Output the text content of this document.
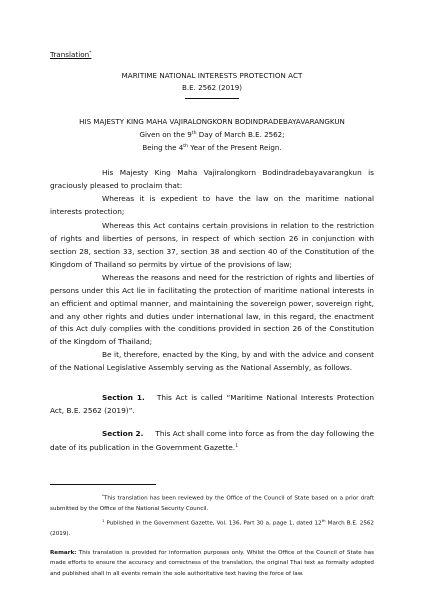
Translation*
MARITIME NATIONAL INTERESTS PROTECTION ACT
B.E. 2562 (2019)
HIS MAJESTY KING MAHA VAJIRALONGKORN BODINDRADEBAYAVARANGKUN
Given on the 9th Day of March B.E. 2562;
Being the 4th Year of the Present Reign.
His Majesty King Maha Vajiralongkorn Bodindradebayavarangkun is graciously pleased to proclaim that:
Whereas it is expedient to have the law on the maritime national interests protection;
Whereas this Act contains certain provisions in relation to the restriction of rights and liberties of persons, in respect of which section 26 in conjunction with section 28, section 33, section 37, section 38 and section 40 of the Constitution of the Kingdom of Thailand so permits by virtue of the provisions of law;
Whereas the reasons and need for the restriction of rights and liberties of persons under this Act lie in facilitating the protection of maritime national interests in an efficient and optimal manner, and maintaining the sovereign power, sovereign right, and any other rights and duties under international law, in this regard, the enactment of this Act duly complies with the conditions provided in section 26 of the Constitution of the Kingdom of Thailand;
Be it, therefore, enacted by the King, by and with the advice and consent of the National Legislative Assembly serving as the National Assembly, as follows.
Section 1. This Act is called “Maritime National Interests Protection Act, B.E. 2562 (2019)”.
Section 2. This Act shall come into force as from the day following the date of its publication in the Government Gazette.$^1$
*This translation has been reviewed by the Office of the Council of State based on a prior draft submitted by the Office of the National Security Council.
$^1$ Published in the Government Gazette, Vol. 136, Part 30 a, page 1, dated 12th March B.E. 2562 (2019).
Remark: This translation is provided for information purposes only. Whilst the Office of the Council of State has made efforts to ensure the accuracy and correctness of the translation, the original Thai text as formally adopted and published shall in all events remain the sole authoritative text having the force of law.
